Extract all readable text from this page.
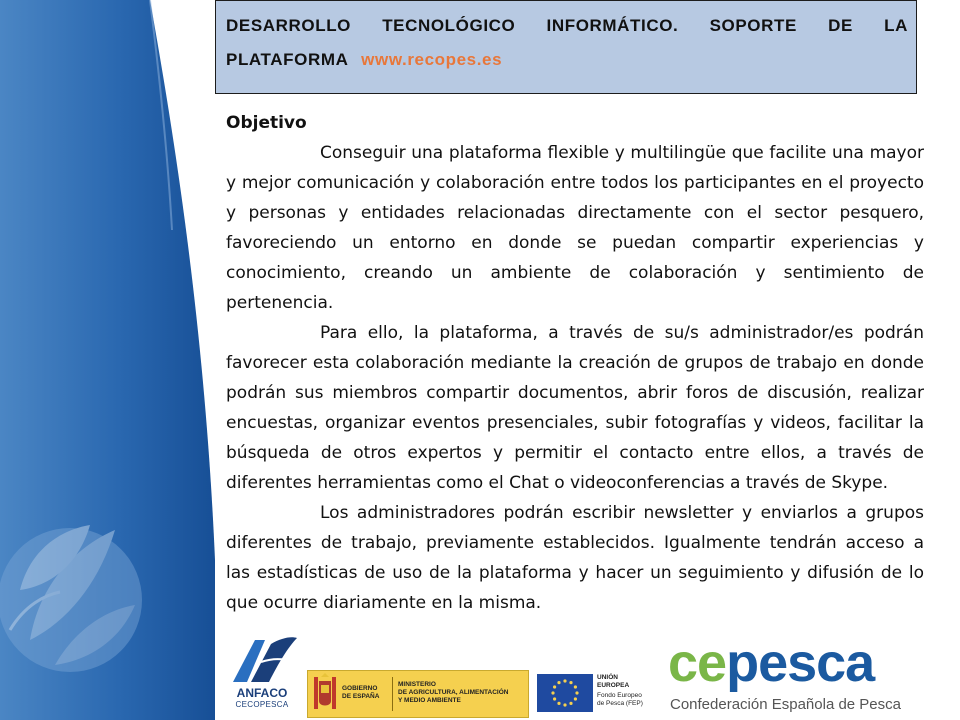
DESARROLLO TECNOLÓGICO INFORMÁTICO. SOPORTE DE LA
PLATAFORMA www.recopes.es

Objetivo

Conseguir una plataforma flexible y multilingüe que facilite una mayor y mejor comunicación y colaboración entre todos los participantes en el proyecto y personas y entidades relacionadas directamente con el sector pesquero, favoreciendo un entorno en donde se puedan compartir experiencias y conocimiento, creando un ambiente de colaboración y sentimiento de pertenencia.

Para ello, la plataforma, a través de su/s administrador/es podrán favorecer esta colaboración mediante la creación de grupos de trabajo en donde podrán sus miembros compartir documentos, abrir foros de discusión, realizar encuestas, organizar eventos presenciales, subir fotografías y videos, facilitar la búsqueda de otros expertos y permitir el contacto entre ellos, a través de diferentes herramientas como el Chat o videoconferencias a través de Skype.

Los administradores podrán escribir newsletter y enviarlos a grupos diferentes de trabajo, previamente establecidos. Igualmente tendrán acceso a las estadísticas de uso de la plataforma y hacer un seguimiento y difusión de lo que ocurre diariamente en la misma.

ANFACO
CECOPESCA
GOBIERNO
DE ESPAÑA
MINISTERIO
DE AGRICULTURA, ALIMENTACIÓN
Y MEDIO AMBIENTE
UNIÓN EUROPEA
Fondo Europeo
de Pesca (FEP)
cepesca
Confederación Española de Pesca
